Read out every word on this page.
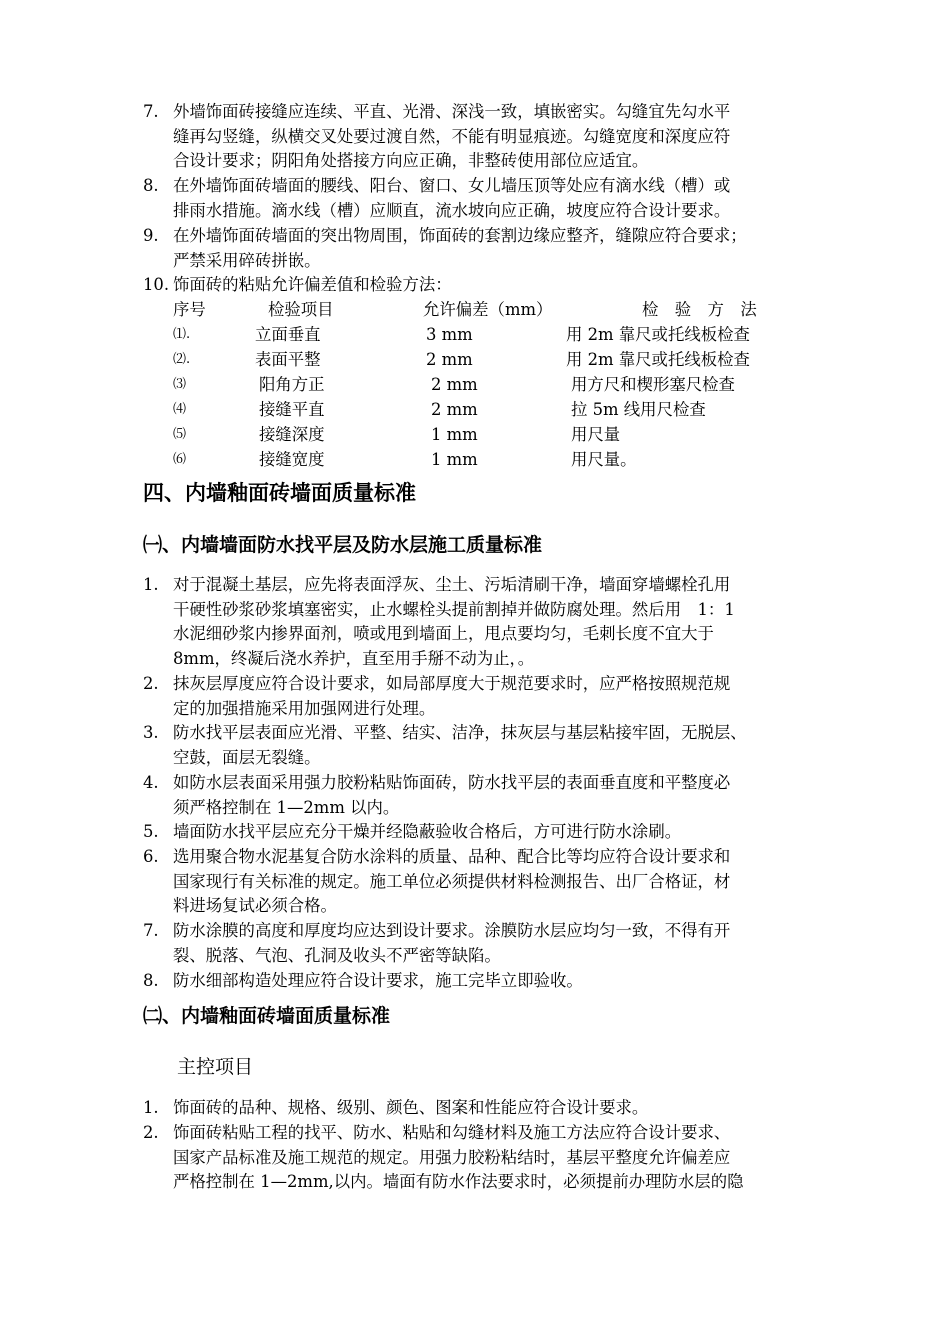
7. 外墙饰面砖接缝应连续、平直、光滑、深浅一致，填嵌密实。勾缝宜先勾水平
缝再勾竖缝，纵横交叉处要过渡自然，不能有明显痕迹。勾缝宽度和深度应符
合设计要求；阴阳角处搭接方向应正确，非整砖使用部位应适宜。
8. 在外墙饰面砖墙面的腰线、阳台、窗口、女儿墙压顶等处应有滴水线（槽）或
排雨水措施。滴水线（槽）应顺直，流水坡向应正确，坡度应符合设计要求。
9. 在外墙饰面砖墙面的突出物周围，饰面砖的套割边缘应整齐，缝隙应符合要求；
严禁采用碎砖拼嵌。
10. 饰面砖的粘贴允许偏差值和检验方法：
序号	检验项目	允许偏差（mm）	检　验　方　法
⑴.	立面垂直	3 mm	用 2m 靠尺或托线板检查
⑵.	表面平整	2 mm	用 2m 靠尺或托线板检查
⑶	阳角方正	2 mm	用方尺和楔形塞尺检查
⑷	接缝平直	2 mm	拉 5m 线用尺检查
⑸	接缝深度	1 mm	用尺量
⑹	接缝宽度	1 mm	用尺量。
四、内墙釉面砖墙面质量标准
㈠、内墙墙面防水找平层及防水层施工质量标准
1. 对于混凝土基层，应先将表面浮灰、尘土、污垢清刷干净，墙面穿墙螺栓孔用
干硬性砂浆砂浆填塞密实，止水螺栓头提前割掉并做防腐处理。然后用　1：1
水泥细砂浆内掺界面剂，喷或甩到墙面上，甩点要均匀，毛刺长度不宜大于
8mm，终凝后浇水养护，直至用手掰不动为止，。
2. 抹灰层厚度应符合设计要求，如局部厚度大于规范要求时，应严格按照规范规
定的加强措施采用加强网进行处理。
3. 防水找平层表面应光滑、平整、结实、洁净，抹灰层与基层粘接牢固，无脱层、
空鼓，面层无裂缝。
4. 如防水层表面采用强力胶粉粘贴饰面砖，防水找平层的表面垂直度和平整度必
须严格控制在 1—2mm 以内。
5. 墙面防水找平层应充分干燥并经隐蔽验收合格后，方可进行防水涂刷。
6. 选用聚合物水泥基复合防水涂料的质量、品种、配合比等均应符合设计要求和
国家现行有关标准的规定。施工单位必须提供材料检测报告、出厂合格证，材
料进场复试必须合格。
7. 防水涂膜的高度和厚度均应达到设计要求。涂膜防水层应均匀一致，不得有开
裂、脱落、气泡、孔洞及收头不严密等缺陷。
8. 防水细部构造处理应符合设计要求，施工完毕立即验收。
㈡、内墙釉面砖墙面质量标准
主控项目
1. 饰面砖的品种、规格、级别、颜色、图案和性能应符合设计要求。
2. 饰面砖粘贴工程的找平、防水、粘贴和勾缝材料及施工方法应符合设计要求、
国家产品标准及施工规范的规定。用强力胶粉粘结时，基层平整度允许偏差应
严格控制在 1—2mm,以内。墙面有防水作法要求时，必须提前办理防水层的隐
